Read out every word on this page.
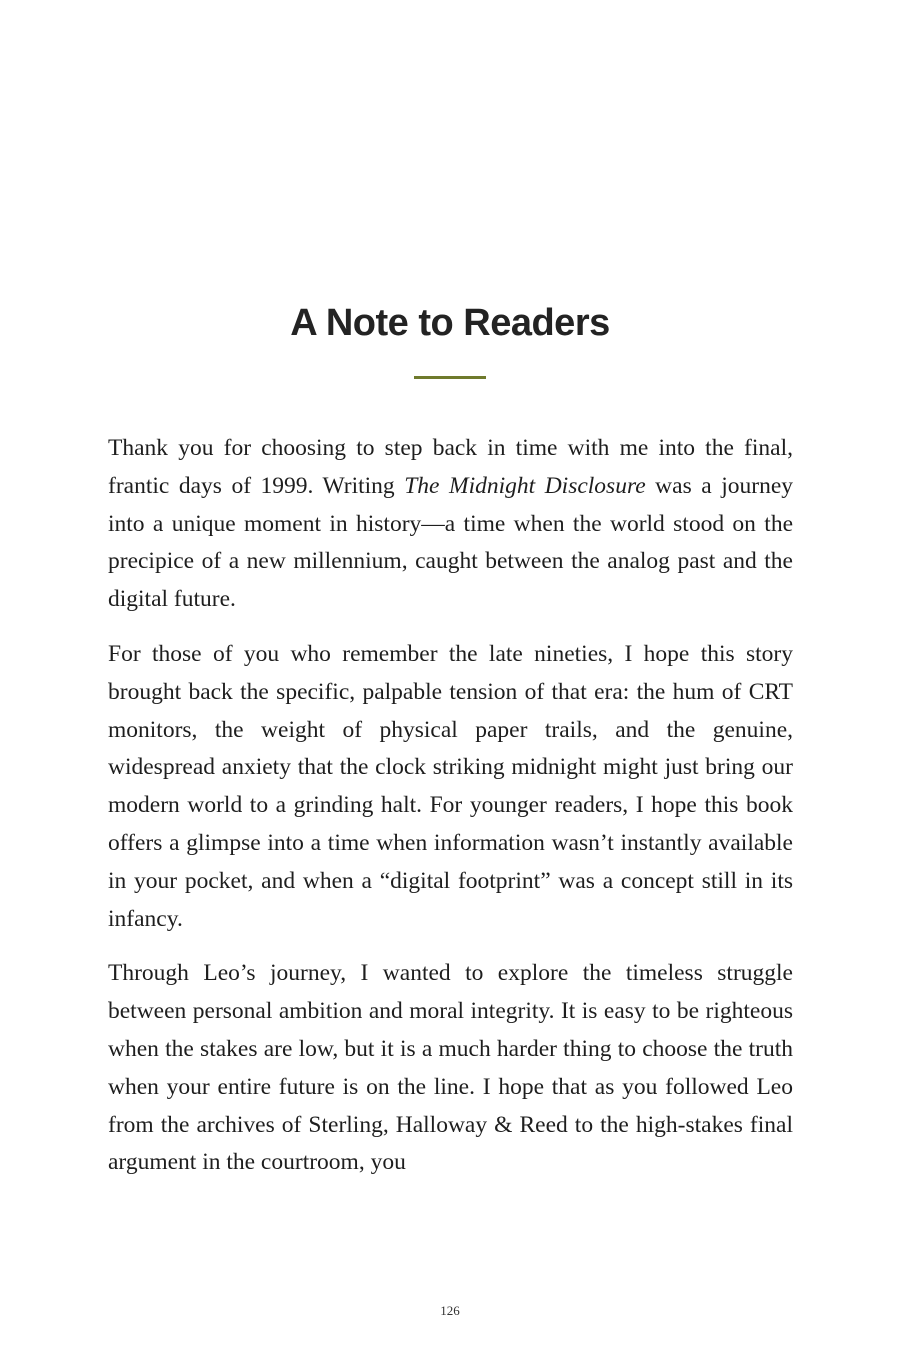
A Note to Readers

Thank you for choosing to step back in time with me into the final, frantic days of 1999. Writing The Midnight Disclosure was a journey into a unique moment in history—a time when the world stood on the precipice of a new millennium, caught between the analog past and the digital future.

For those of you who remember the late nineties, I hope this story brought back the specific, palpable tension of that era: the hum of CRT monitors, the weight of physical paper trails, and the genuine, widespread anxiety that the clock striking midnight might just bring our modern world to a grinding halt. For younger readers, I hope this book offers a glimpse into a time when information wasn’t instantly available in your pocket, and when a “digital footprint” was a concept still in its infancy.

Through Leo’s journey, I wanted to explore the timeless struggle between personal ambition and moral integrity. It is easy to be righteous when the stakes are low, but it is a much harder thing to choose the truth when your entire future is on the line. I hope that as you followed Leo from the archives of Sterling, Halloway & Reed to the high-stakes final argument in the courtroom, you

126
